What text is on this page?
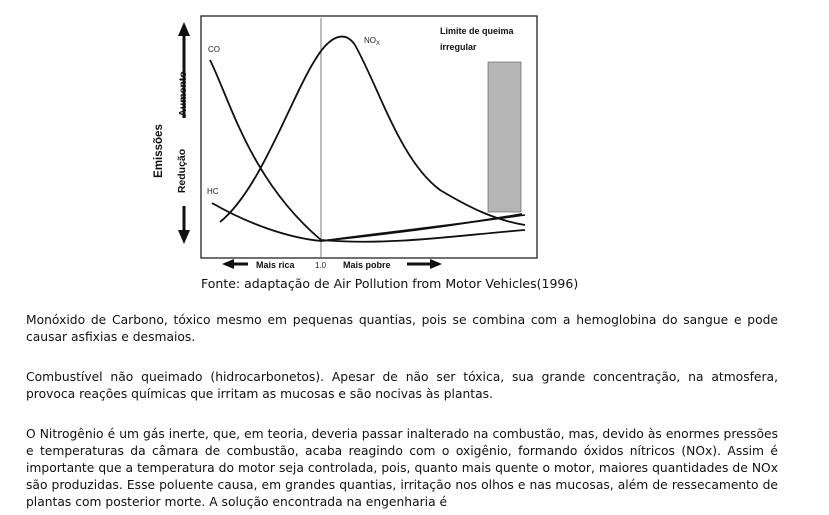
CO
HC
$NO_X$
Limite de queima
irregular
Mais rica	1.0 Mais pobre
Emissões
Aumento
Redução
Fonte: adaptação de Air Pollution from Motor Vehicles(1996)

Monóxido de Carbono, tóxico mesmo em pequenas quantias, pois se combina com a hemoglobina do sangue e pode causar asfixias e desmaios.

Combustível não queimado (hidrocarbonetos). Apesar de não ser tóxica, sua grande concentração, na atmosfera, provoca reações químicas que irritam as mucosas e são nocivas às plantas.

O Nitrogênio é um gás inerte, que, em teoria, deveria passar inalterado na combustão, mas, devido às enormes pressões e temperaturas da câmara de combustão, acaba reagindo com o oxigênio, formando óxidos nítricos (NOx). Assim é importante que a temperatura do motor seja controlada, pois, quanto mais quente o motor, maiores quantidades de NOx são produzidas. Esse poluente causa, em grandes quantias, irritação nos olhos e nas mucosas, além de ressecamento de plantas com posterior morte. A solução encontrada na engenharia é
